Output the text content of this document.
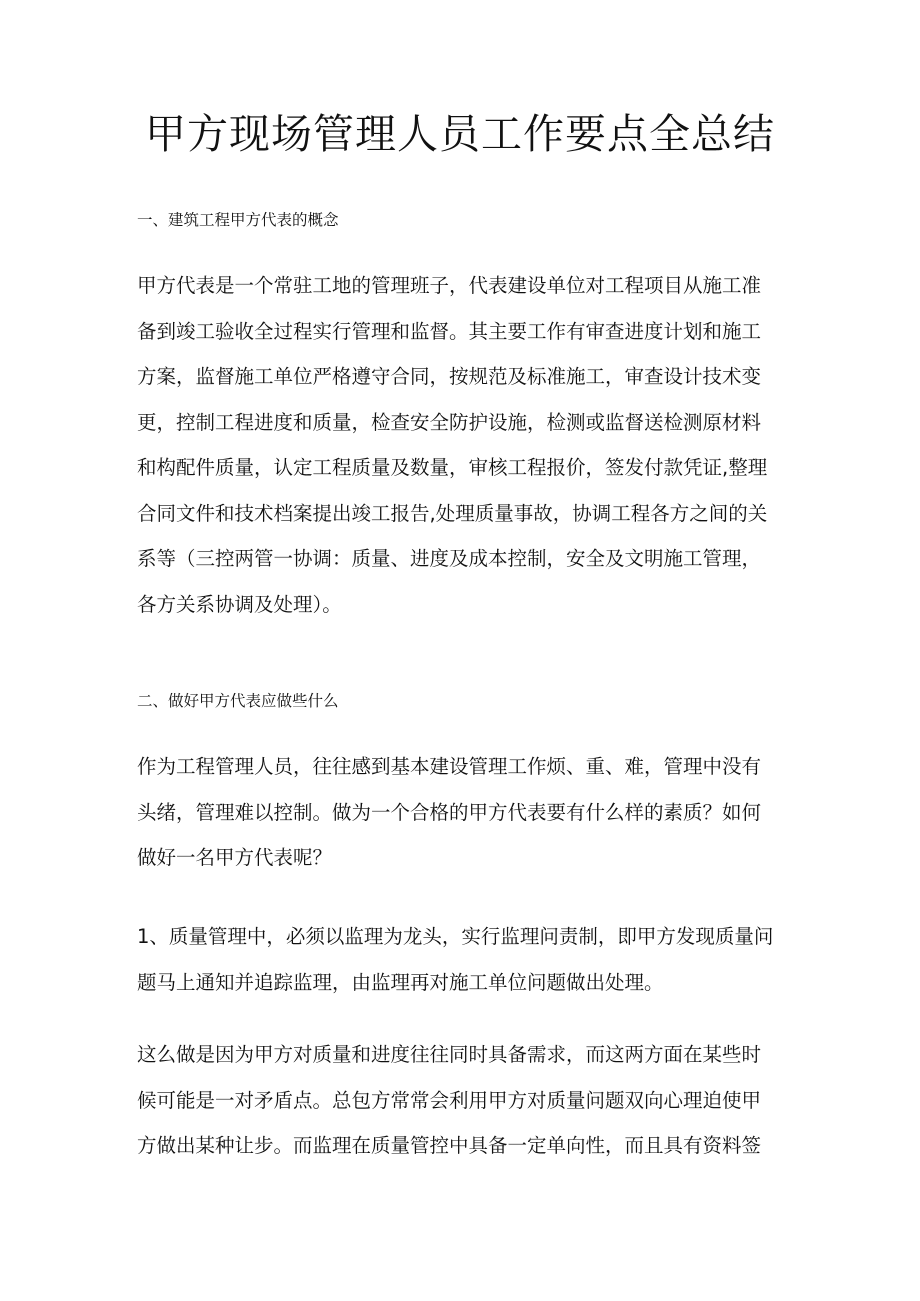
甲方现场管理人员工作要点全总结
一、建筑工程甲方代表的概念
甲方代表是一个常驻工地的管理班子，代表建设单位对工程项目从施工准
备到竣工验收全过程实行管理和监督。其主要工作有审查进度计划和施工
方案，监督施工单位严格遵守合同，按规范及标准施工，审查设计技术变
更，控制工程进度和质量，检查安全防护设施，检测或监督送检测原材料
和构配件质量，认定工程质量及数量，审核工程报价，签发付款凭证,整理
合同文件和技术档案提出竣工报告,处理质量事故，协调工程各方之间的关
系等（三控两管一协调：质量、进度及成本控制，安全及文明施工管理，
各方关系协调及处理）。
二、做好甲方代表应做些什么
作为工程管理人员，往往感到基本建设管理工作烦、重、难，管理中没有
头绪，管理难以控制。做为一个合格的甲方代表要有什么样的素质？如何
做好一名甲方代表呢？
1、质量管理中，必须以监理为龙头，实行监理问责制，即甲方发现质量问
题马上通知并追踪监理，由监理再对施工单位问题做出处理。
这么做是因为甲方对质量和进度往往同时具备需求，而这两方面在某些时
候可能是一对矛盾点。总包方常常会利用甲方对质量问题双向心理迫使甲
方做出某种让步。而监理在质量管控中具备一定单向性，而且具有资料签
